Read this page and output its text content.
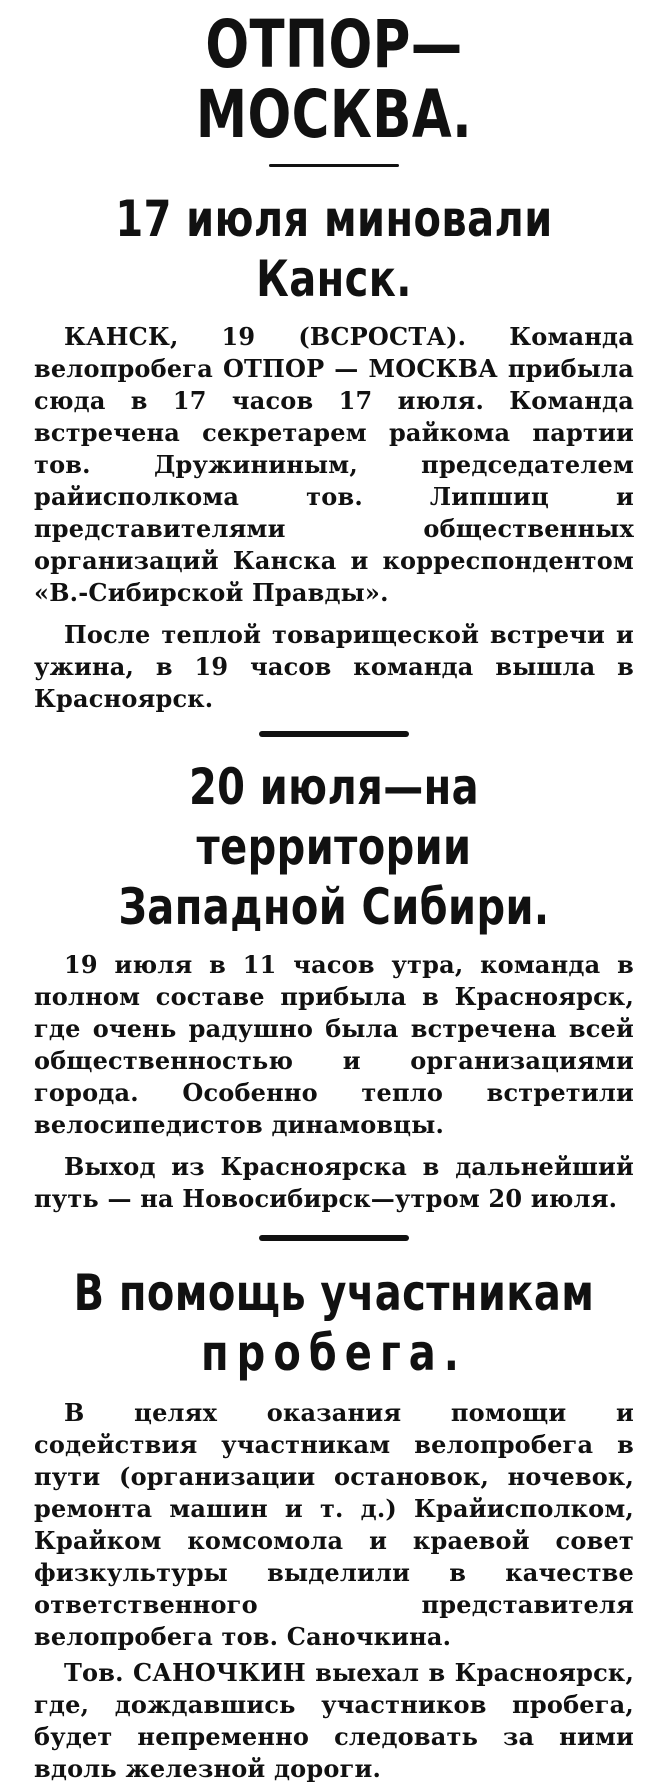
ОТПОР—МОСКВА.
17 июля миновали Канск.

КАНСК, 19 (ВСРОСТА). Команда велопробега ОТПОР — МОСКВА прибыла сюда в 17 часов 17 июля. Команда встречена секретарем райкома партии тов. Дружининым, председателем райисполкома тов. Липшиц и представителями общественных организаций Канска и корреспондентом «В.-Сибирской Правды».

После теплой товарищеской встречи и ужина, в 19 часов команда вышла в Красноярск.

20 июля—на территории
Западной Сибири.

19 июля в 11 часов утра, команда в полном составе прибыла в Красноярск, где очень радушно была встречена всей общественностью и организациями города. Особенно тепло встретили велосипедистов динамовцы.

Выход из Красноярска в дальнейший путь — на Новосибирск—утром 20 июля.

В помощь участникам
пробега.

В целях оказания помощи и содействия участникам велопробега в пути (организации остановок, ночевок, ремонта машин и т. д.) Крайисполком, Крайком комсомола и краевой совет физкультуры выделили в качестве ответственного представителя велопробега тов. Саночкина.

Тов. САНОЧКИН выехал в Красноярск, где, дождавшись участников пробега, будет непременно следовать за ними вдоль железной дороги.
